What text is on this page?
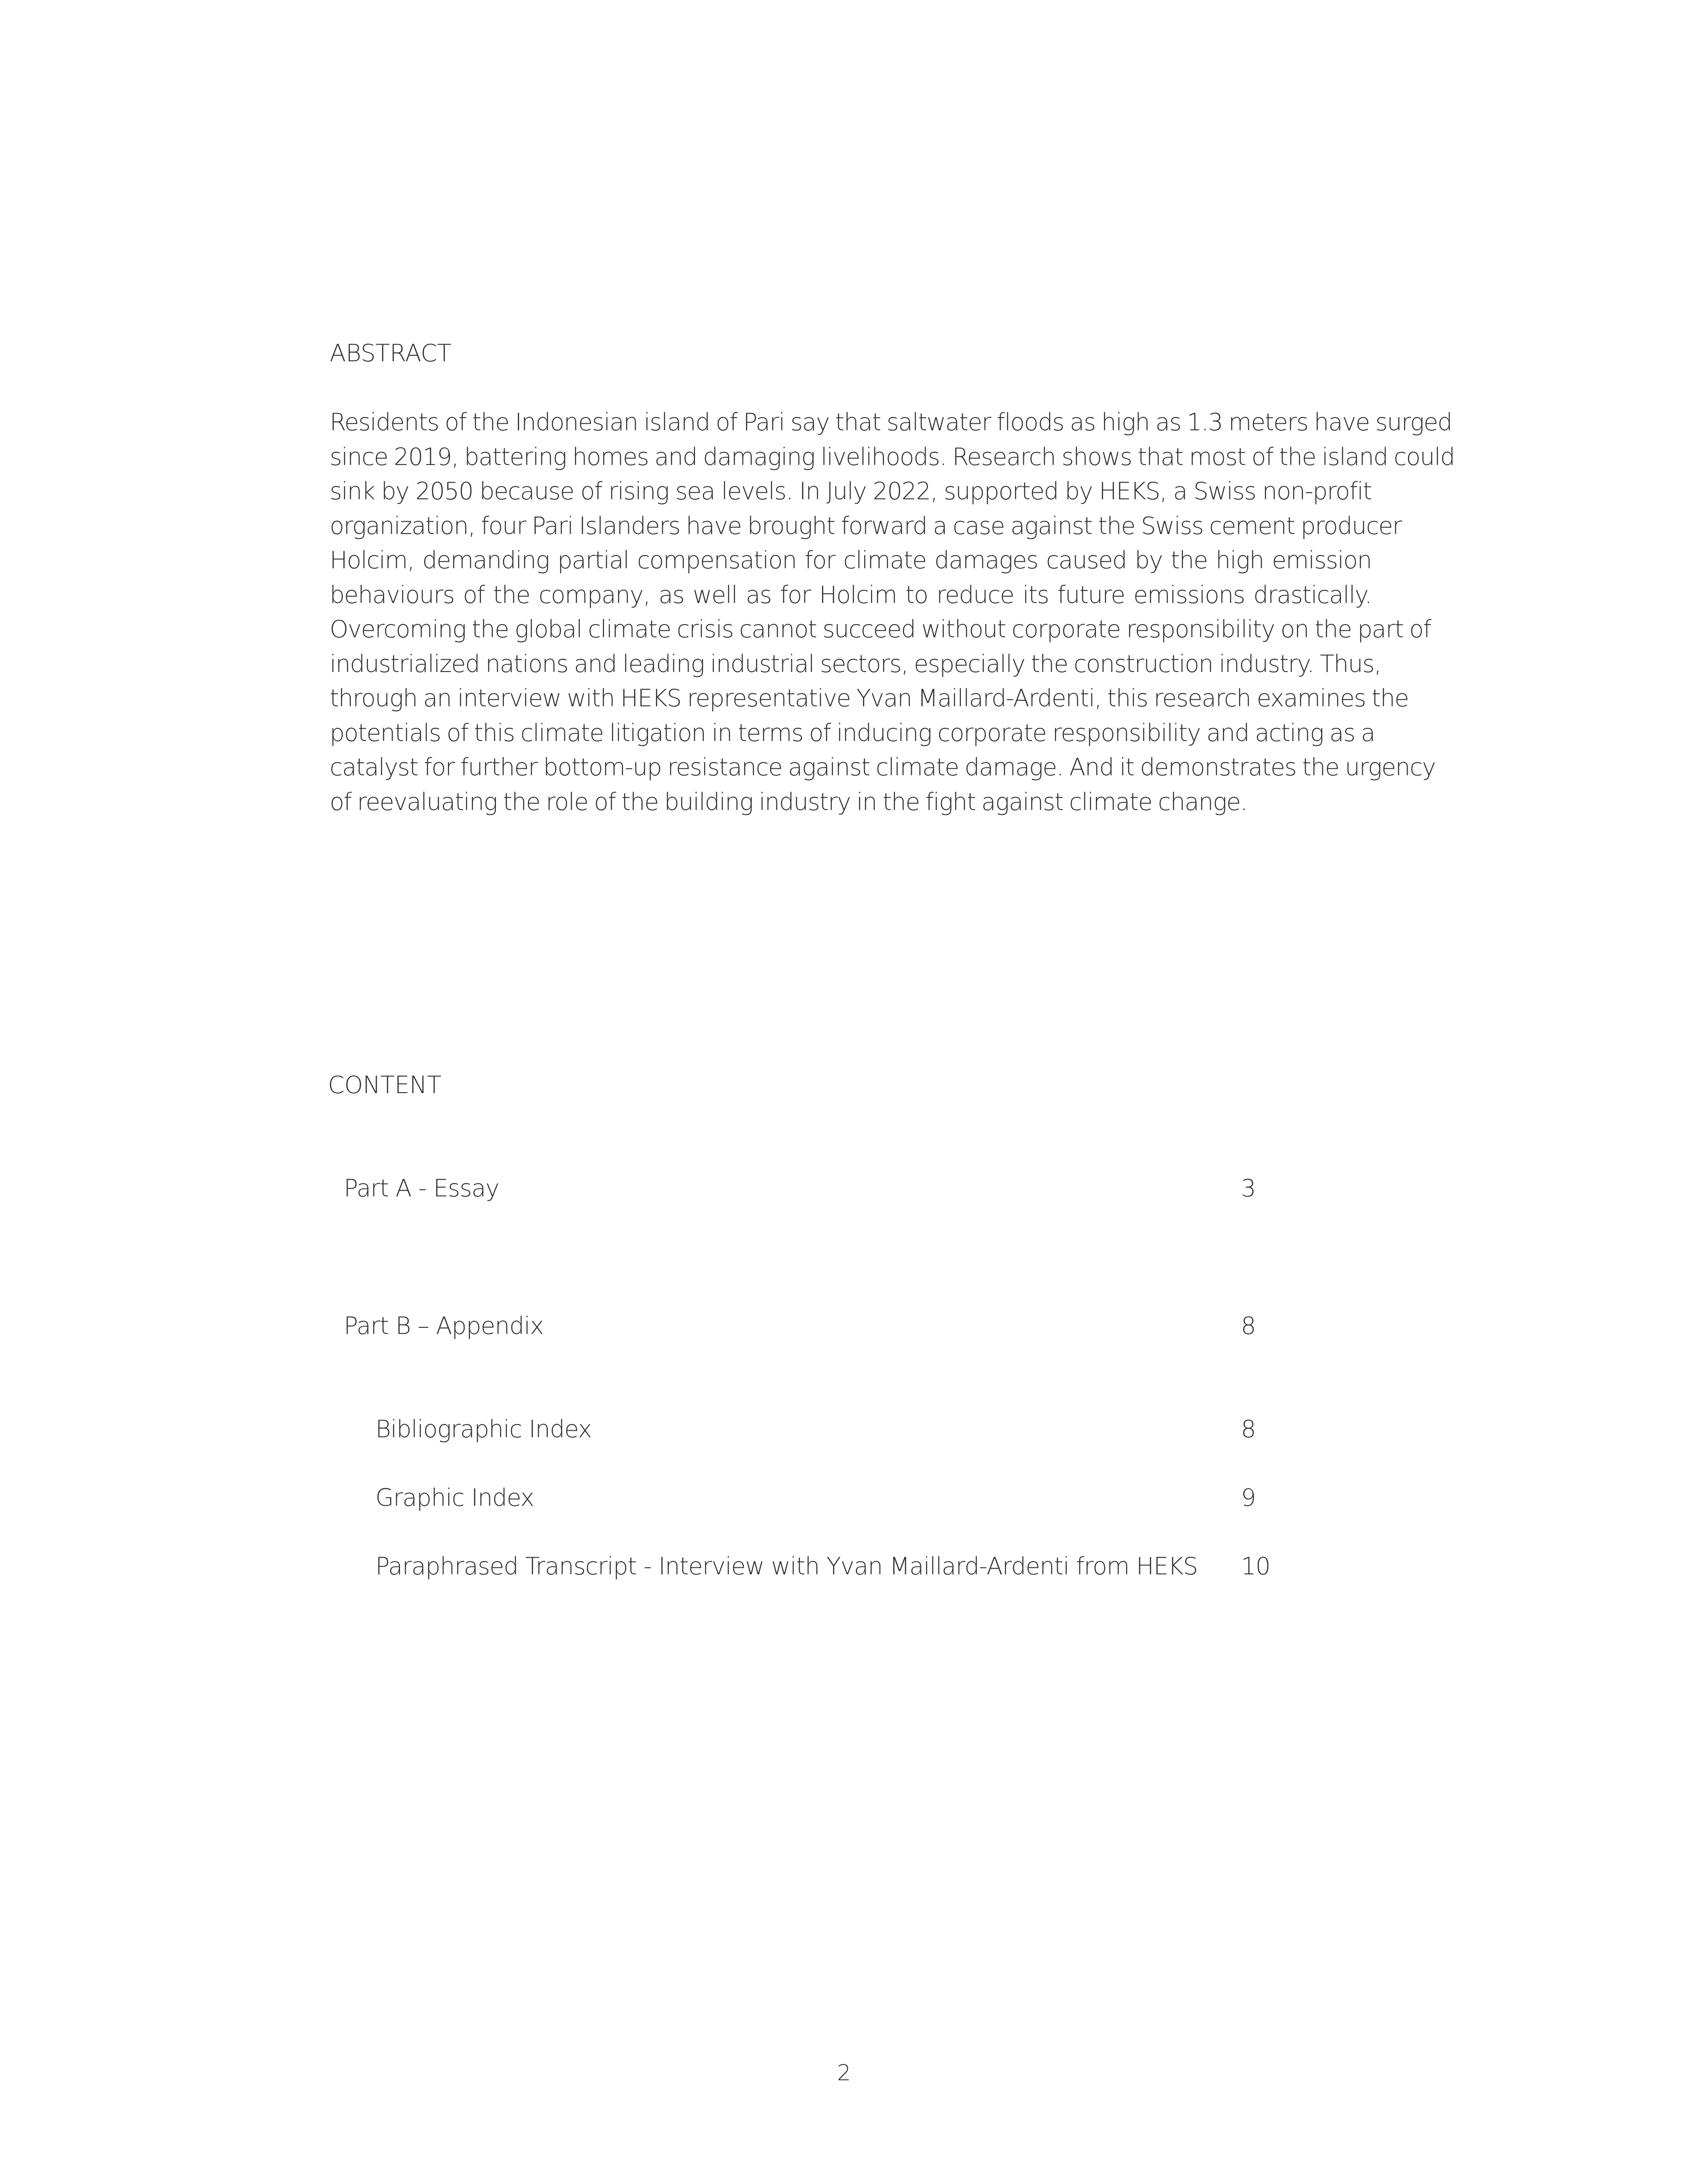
ABSTRACT
Residents of the Indonesian island of Pari say that saltwater floods as high as 1.3 meters have surged
since 2019, battering homes and damaging livelihoods. Research shows that most of the island could
sink by 2050 because of rising sea levels. In July 2022, supported by HEKS, a Swiss non-profit
organization, four Pari Islanders have brought forward a case against the Swiss cement producer
Holcim, demanding partial compensation for climate damages caused by the high emission
behaviours of the company, as well as for Holcim to reduce its future emissions drastically.
Overcoming the global climate crisis cannot succeed without corporate responsibility on the part of
industrialized nations and leading industrial sectors, especially the construction industry. Thus,
through an interview with HEKS representative Yvan Maillard-Ardenti, this research examines the
potentials of this climate litigation in terms of inducing corporate responsibility and acting as a
catalyst for further bottom-up resistance against climate damage. And it demonstrates the urgency
of reevaluating the role of the building industry in the fight against climate change.
CONTENT
Part A - Essay	3
Part B – Appendix	8
Bibliographic Index	8
Graphic Index	9
Paraphrased Transcript - Interview with Yvan Maillard-Ardenti from HEKS 10
2
